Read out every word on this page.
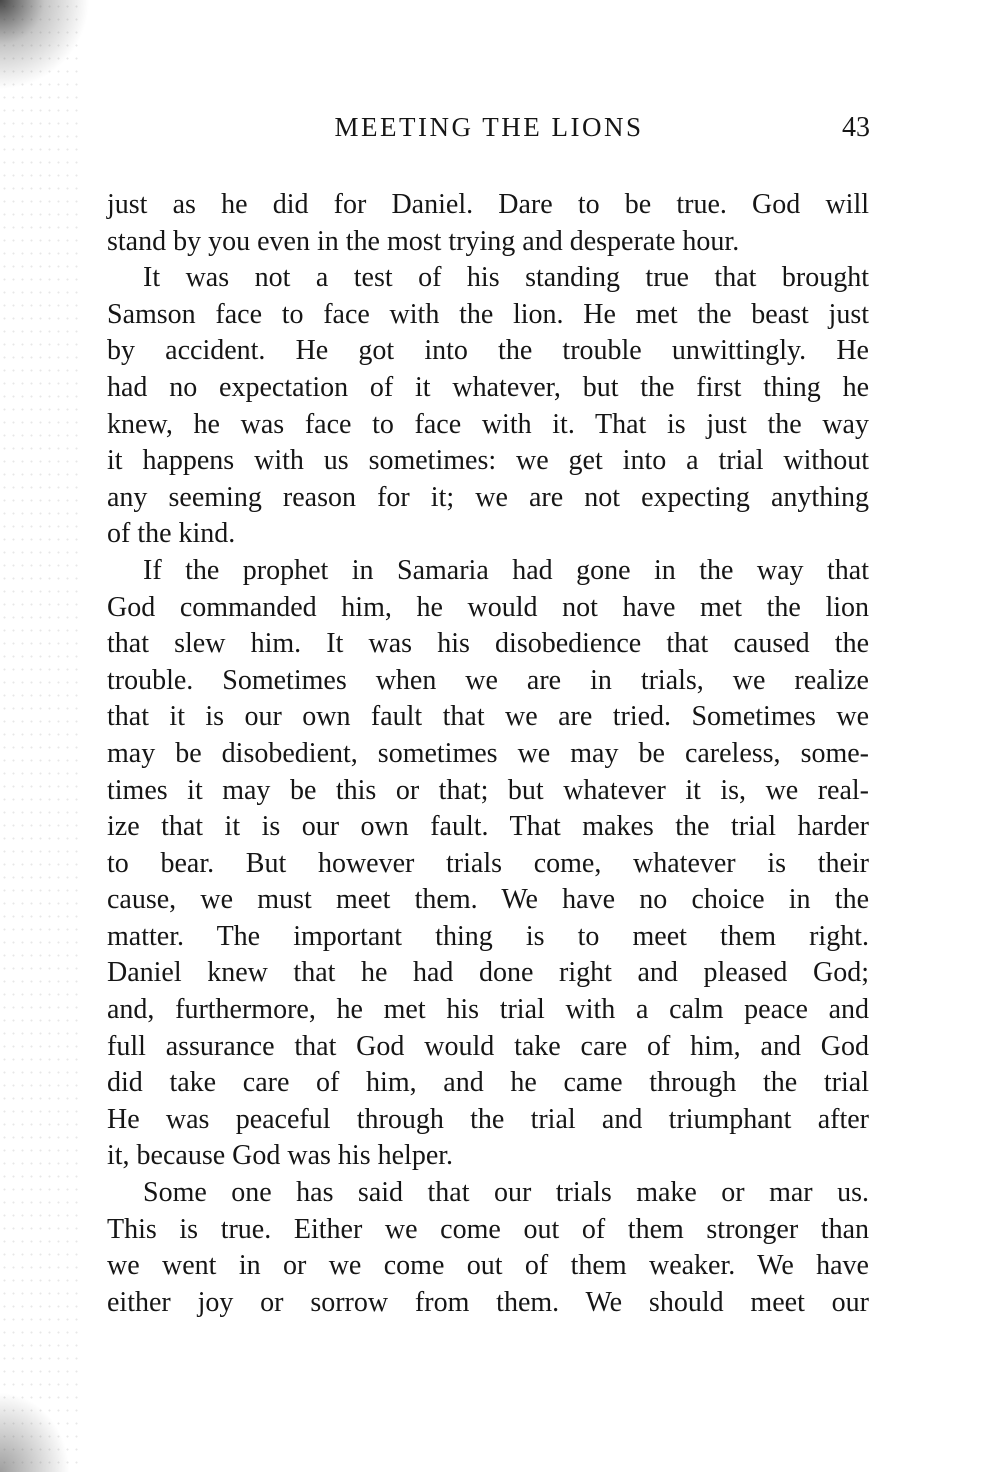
MEETING THE LIONS	43
just as he did for Daniel. Dare to be true. God will
stand by you even in the most trying and desperate hour.
It was not a test of his standing true that brought
Samson face to face with the lion. He met the beast just
by accident. He got into the trouble unwittingly. He
had no expectation of it whatever, but the first thing he
knew, he was face to face with it. That is just the way
it happens with us sometimes: we get into a trial without
any seeming reason for it; we are not expecting anything
of the kind.
If the prophet in Samaria had gone in the way that
God commanded him, he would not have met the lion
that slew him. It was his disobedience that caused the
trouble. Sometimes when we are in trials, we realize
that it is our own fault that we are tried. Sometimes we
may be disobedient, sometimes we may be careless, some-
times it may be this or that; but whatever it is, we real-
ize that it is our own fault. That makes the trial harder
to bear. But however trials come, whatever is their
cause, we must meet them. We have no choice in the
matter. The important thing is to meet them right.
Daniel knew that he had done right and pleased God;
and, furthermore, he met his trial with a calm peace and
full assurance that God would take care of him, and God
did take care of him, and he came through the trial
He was peaceful through the trial and triumphant after
it, because God was his helper.
Some one has said that our trials make or mar us.
This is true. Either we come out of them stronger than
we went in or we come out of them weaker. We have
either joy or sorrow from them. We should meet our
